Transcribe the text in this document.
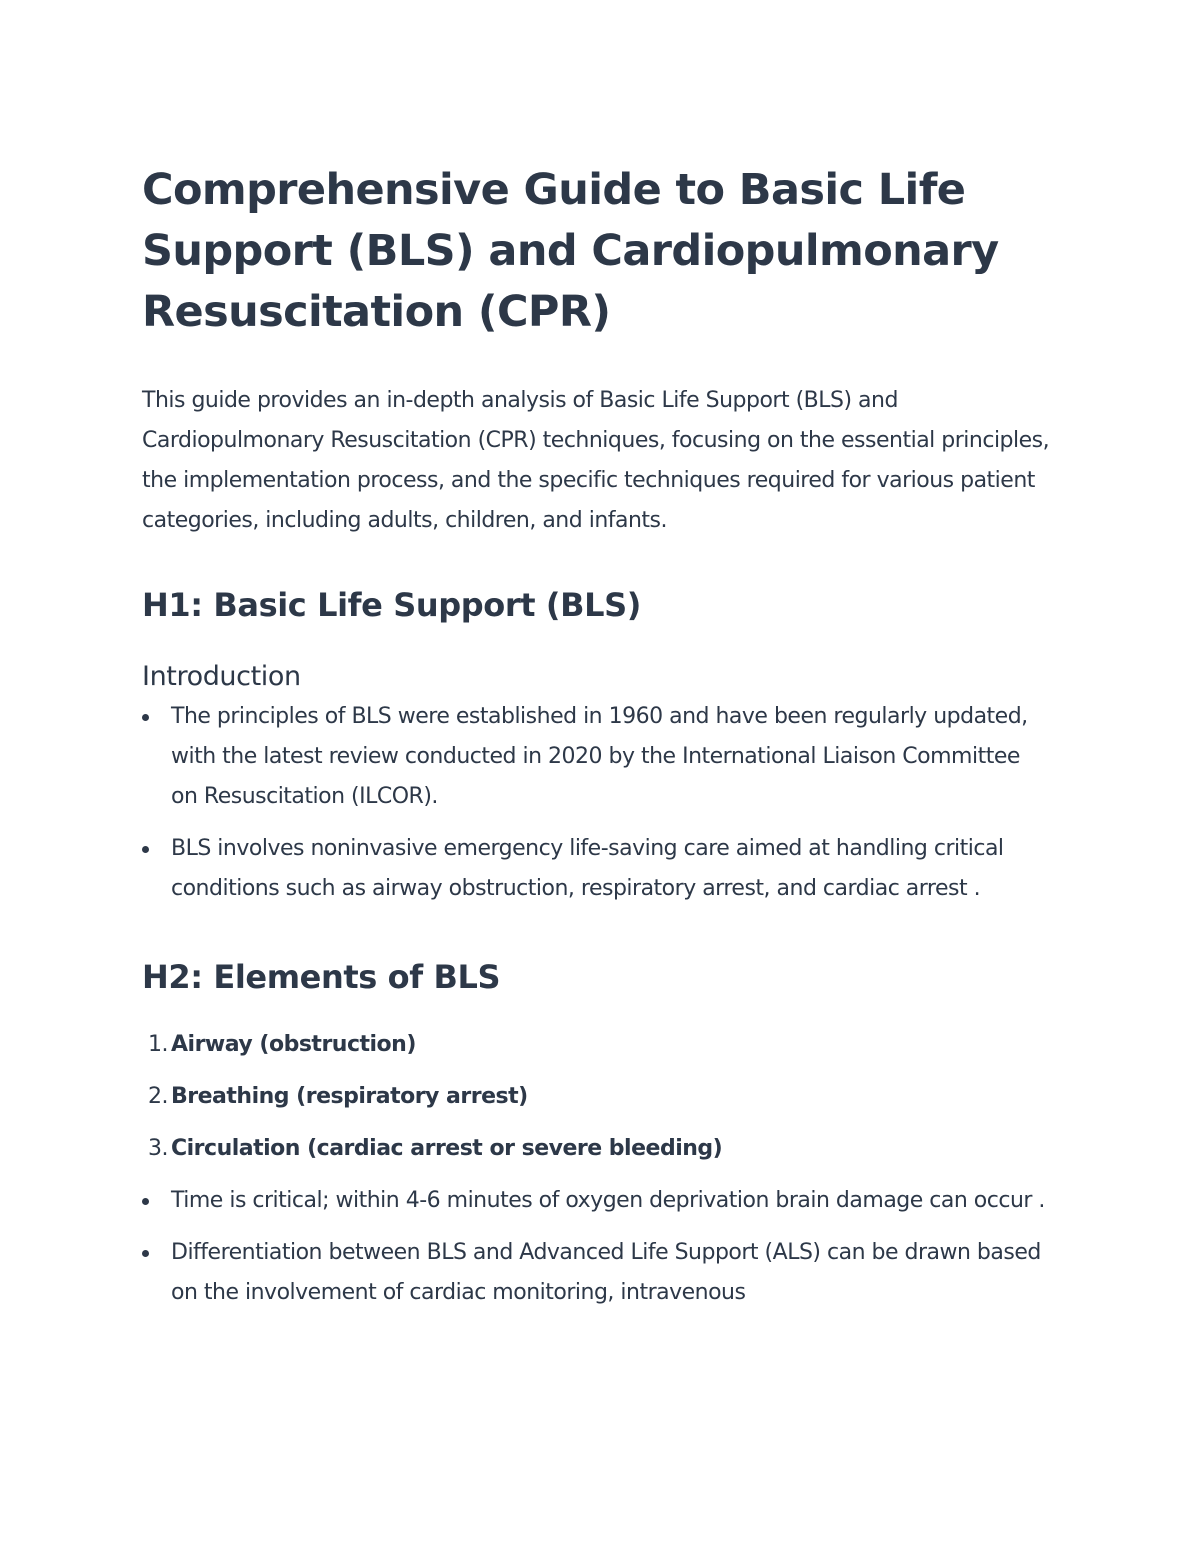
Comprehensive Guide to Basic Life Support (BLS) and Cardiopulmonary Resuscitation (CPR)

This guide provides an in-depth analysis of Basic Life Support (BLS) and Cardiopulmonary Resuscitation (CPR) techniques, focusing on the essential principles, the implementation process, and the specific techniques required for various patient categories, including adults, children, and infants.

H1: Basic Life Support (BLS)
Introduction
The principles of BLS were established in 1960 and have been regularly updated, with the latest review conducted in 2020 by the International Liaison Committee on Resuscitation (ILCOR).
BLS involves noninvasive emergency life-saving care aimed at handling critical conditions such as airway obstruction, respiratory arrest, and cardiac arrest .
H2: Elements of BLS
1. Airway (obstruction)
2. Breathing (respiratory arrest)
3. Circulation (cardiac arrest or severe bleeding)
Time is critical; within 4-6 minutes of oxygen deprivation brain damage can occur .
Differentiation between BLS and Advanced Life Support (ALS) can be drawn based on the involvement of cardiac monitoring, intravenous
